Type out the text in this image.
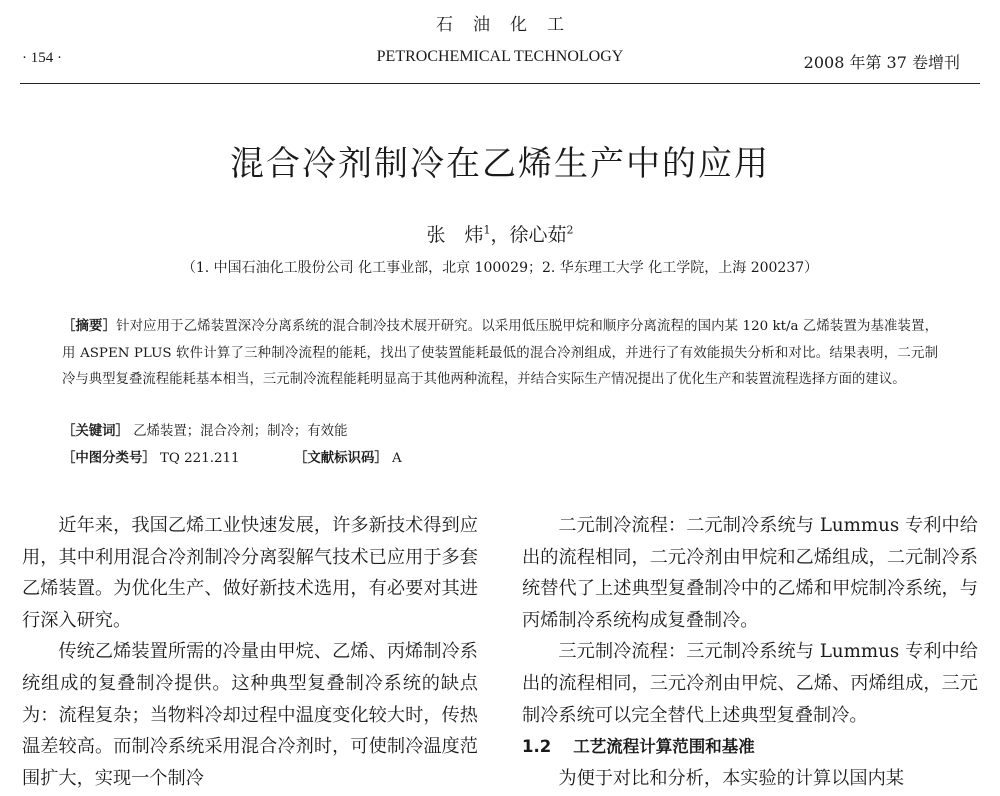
石油化工
PETROCHEMICAL TECHNOLOGY
· 154 ·	2008 年第 37 卷增刊
混合冷剂制冷在乙烯生产中的应用
张　炜$^1$，徐心茹$^2$
（1. 中国石油化工股份公司 化工事业部，北京 100029；2. 华东理工大学 化工学院，上海 200237）
［摘要］针对应用于乙烯装置深冷分离系统的混合制冷技术展开研究。以采用低压脱甲烷和顺序分离流程的国内某 120 kt/a 乙烯装置为基准装置，用 ASPEN PLUS 软件计算了三种制冷流程的能耗，找出了使装置能耗最低的混合冷剂组成，并进行了有效能损失分析和对比。结果表明，二元制冷与典型复叠流程能耗基本相当，三元制冷流程能耗明显高于其他两种流程，并结合实际生产情况提出了优化生产和装置流程选择方面的建议。
［关键词］ 乙烯装置；混合冷剂；制冷；有效能
［中图分类号］ TQ 221.211	［文献标识码］ A

近年来，我国乙烯工业快速发展，许多新技术得到应用，其中利用混合冷剂制冷分离裂解气技术已应用于多套乙烯装置。为优化生产、做好新技术选用，有必要对其进行深入研究。

传统乙烯装置所需的冷量由甲烷、乙烯、丙烯制冷系统组成的复叠制冷提供。这种典型复叠制冷系统的缺点为：流程复杂；当物料冷却过程中温度变化较大时，传热温差较高。而制冷系统采用混合冷剂时，可使制冷温度范围扩大，实现一个制冷

二元制冷流程：二元制冷系统与 Lummus 专利中给出的流程相同，二元冷剂由甲烷和乙烯组成，二元制冷系统替代了上述典型复叠制冷中的乙烯和甲烷制冷系统，与丙烯制冷系统构成复叠制冷。

三元制冷流程：三元制冷系统与 Lummus 专利中给出的流程相同，三元冷剂由甲烷、乙烯、丙烯组成，三元制冷系统可以完全替代上述典型复叠制冷。

1.2 工艺流程计算范围和基准

为便于对比和分析，本实验的计算以国内某
